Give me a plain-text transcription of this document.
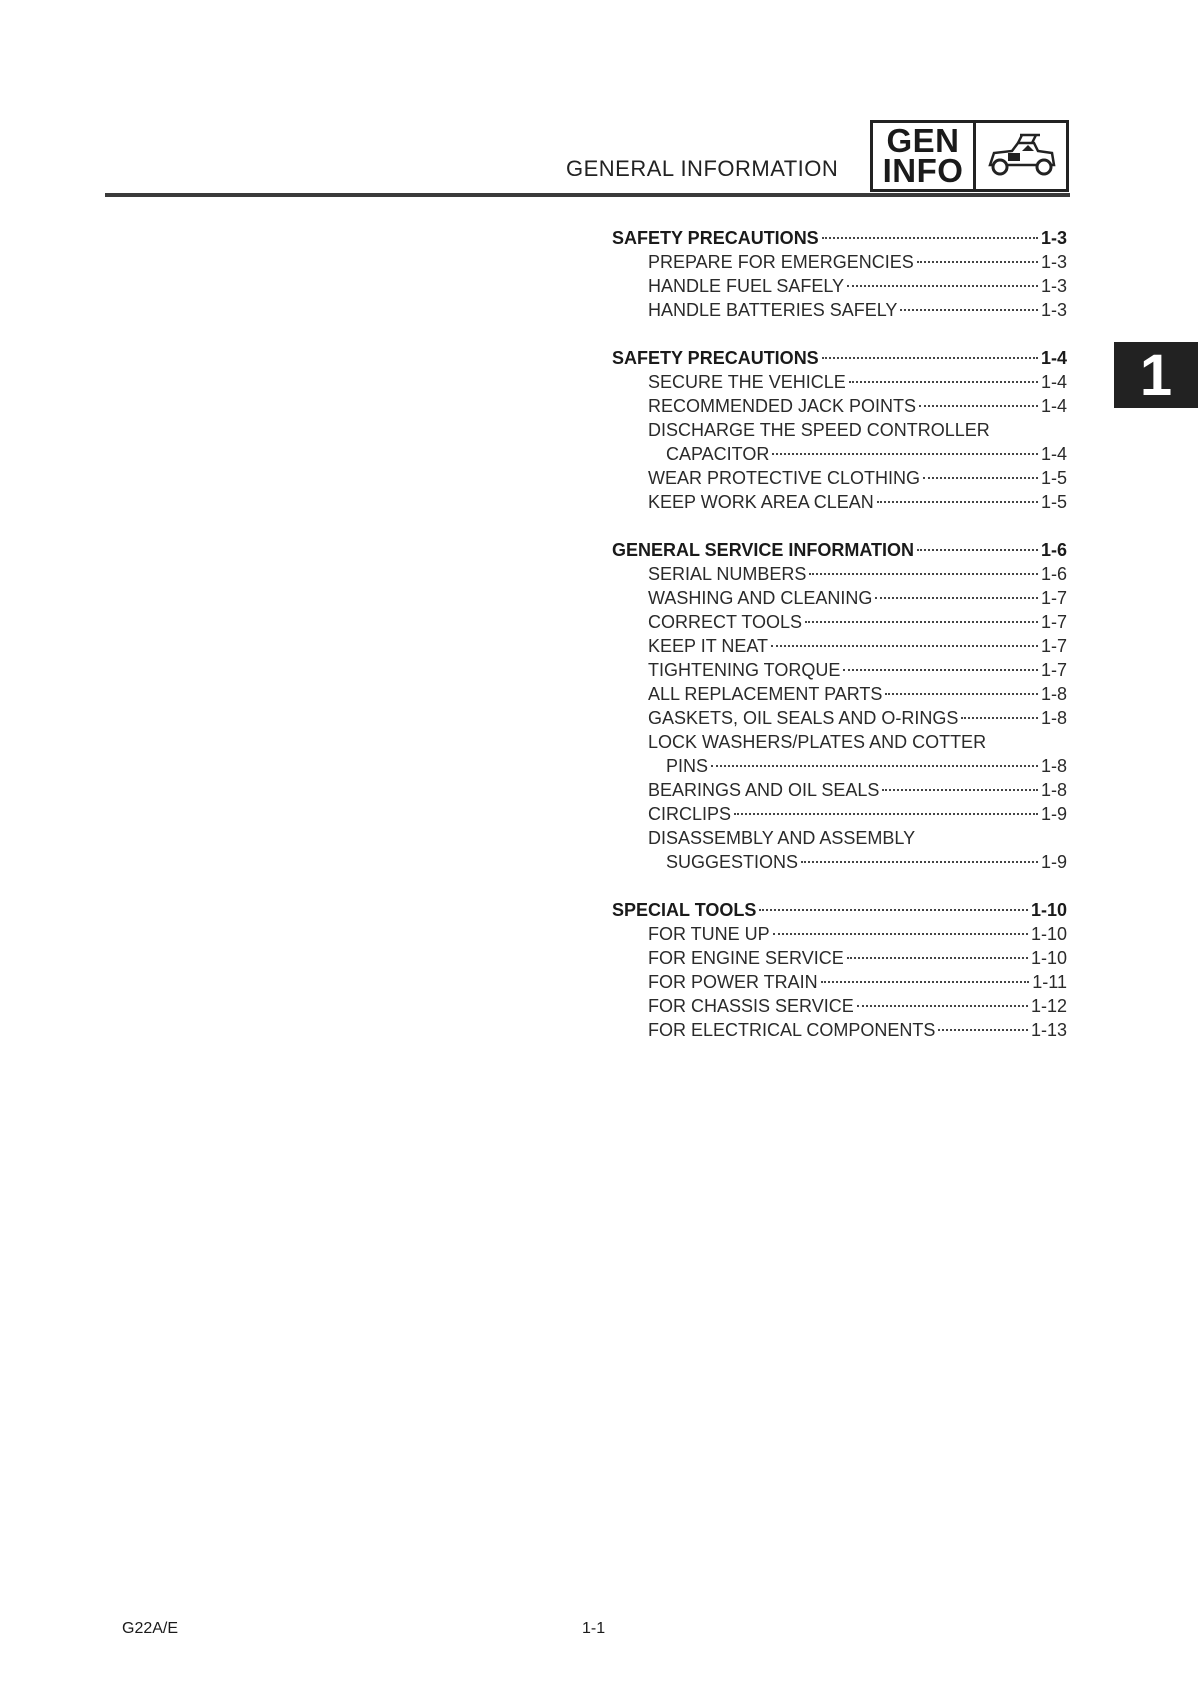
GENERAL INFORMATION
GEN
INFO
1
SAFETY PRECAUTIONS	1-3
PREPARE FOR EMERGENCIES	1-3
HANDLE FUEL SAFELY	1-3
HANDLE BATTERIES SAFELY	1-3
SAFETY PRECAUTIONS	1-4
SECURE THE VEHICLE	1-4
RECOMMENDED JACK POINTS	1-4
DISCHARGE THE SPEED CONTROLLER
CAPACITOR	1-4
WEAR PROTECTIVE CLOTHING	1-5
KEEP WORK AREA CLEAN	1-5
GENERAL SERVICE INFORMATION	1-6
SERIAL NUMBERS	1-6
WASHING AND CLEANING	1-7
CORRECT TOOLS	1-7
KEEP IT NEAT	1-7
TIGHTENING TORQUE	1-7
ALL REPLACEMENT PARTS	1-8
GASKETS, OIL SEALS AND O-RINGS	1-8
LOCK WASHERS/PLATES AND COTTER
PINS	1-8
BEARINGS AND OIL SEALS	1-8
CIRCLIPS	1-9
DISASSEMBLY AND ASSEMBLY
SUGGESTIONS	1-9
SPECIAL TOOLS	1-10
FOR TUNE UP	1-10
FOR ENGINE SERVICE	1-10
FOR POWER TRAIN	1-11
FOR CHASSIS SERVICE	1-12
FOR ELECTRICAL COMPONENTS	1-13
G22A/E	1-1
